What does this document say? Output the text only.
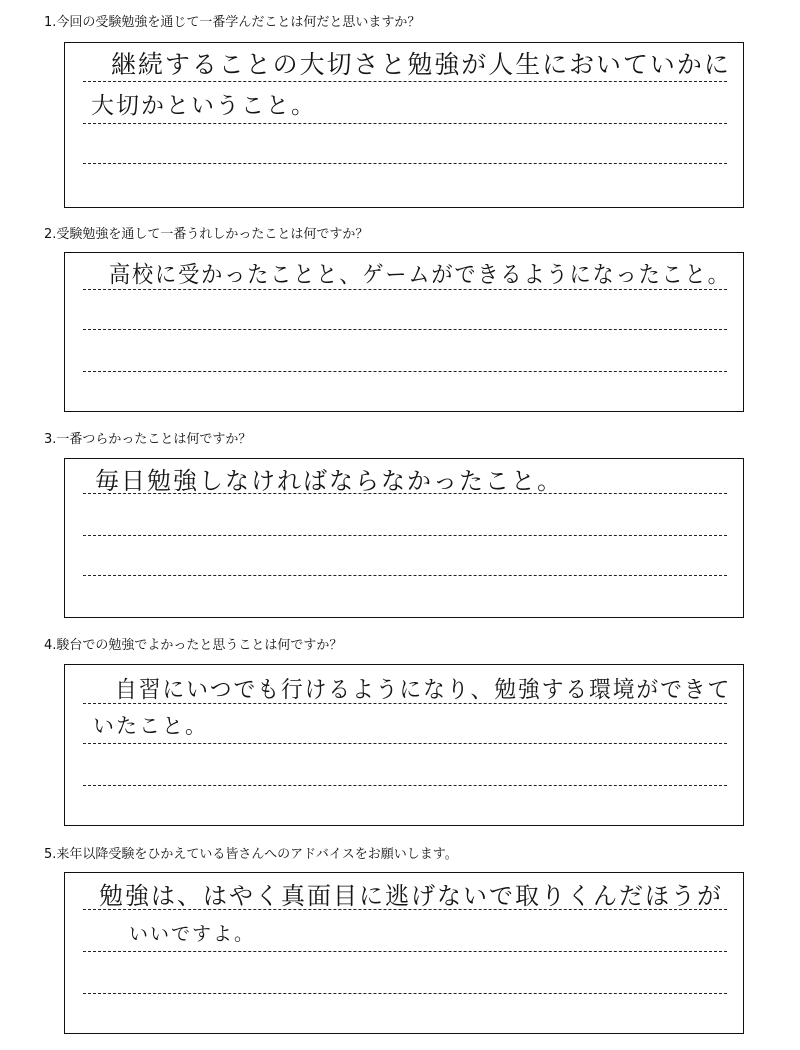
1.今回の受験勉強を通じて一番学んだことは何だと思いますか？
継続することの大切さと勉強が人生においていかに
大切かということ。
2.受験勉強を通して一番うれしかったことは何ですか？
高校に受かったことと、ゲームができるようになったこと。
3.一番つらかったことは何ですか？
毎日勉強しなければならなかったこと。
4.駿台での勉強でよかったと思うことは何ですか？
自習にいつでも行けるようになり、勉強する環境ができて
いたこと。
5.来年以降受験をひかえている皆さんへのアドバイスをお願いします。
勉強は、はやく真面目に逃げないで取りくんだほうが
いいですよ。
